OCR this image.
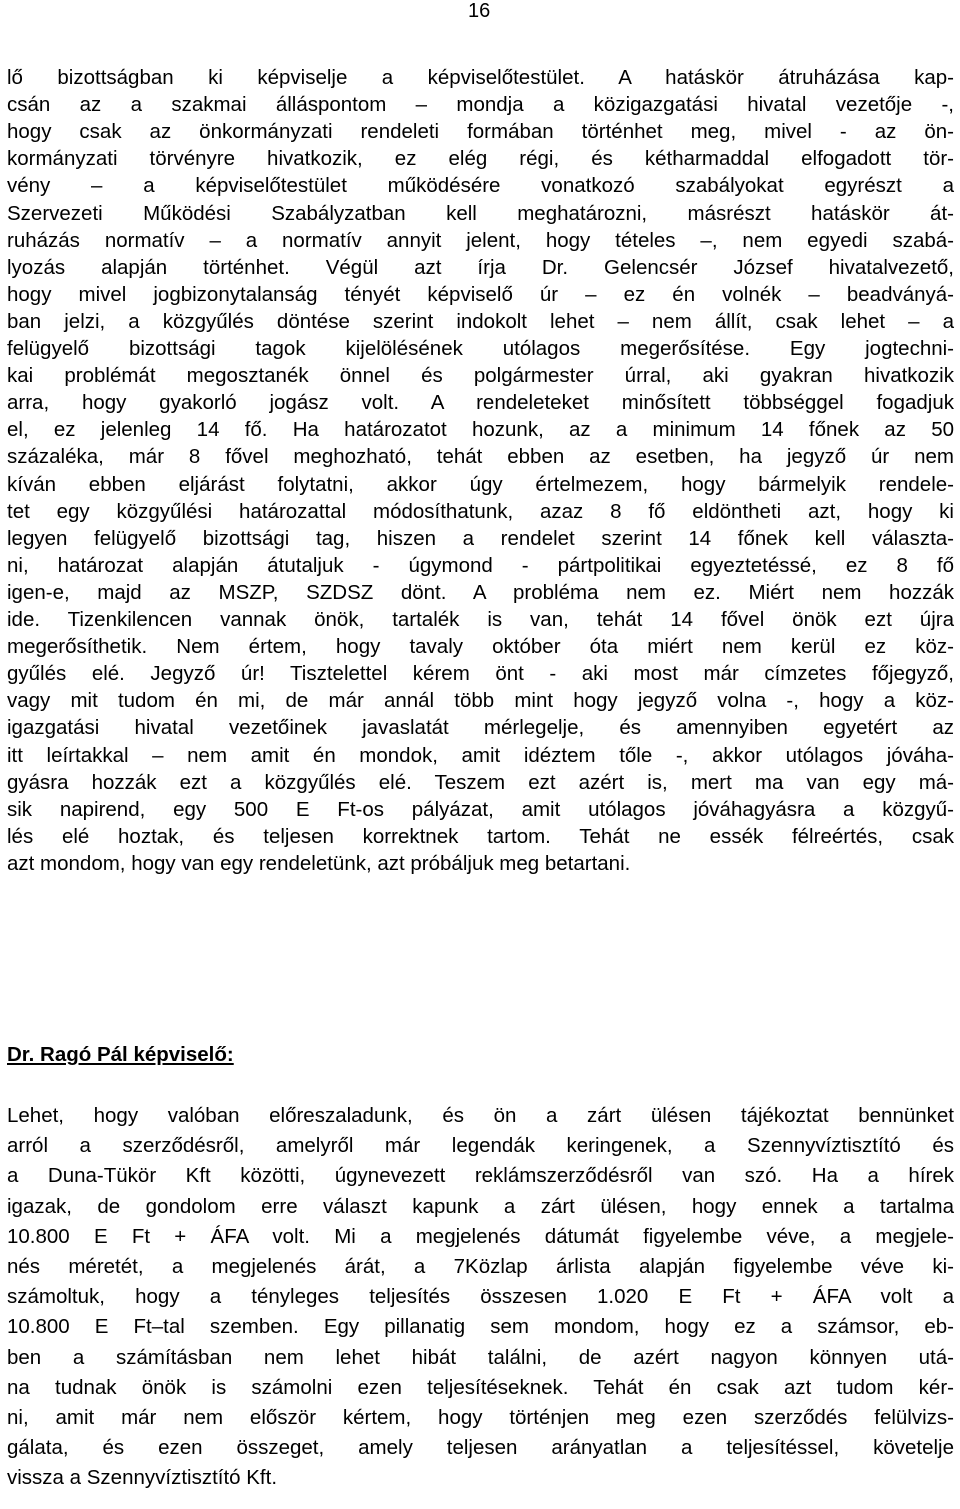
16
lő bizottságban ki képviselje a képviselőtestület. A hatáskör átruházása kap-
csán az a szakmai álláspontom – mondja a közigazgatási hivatal vezetője -,
hogy csak az önkormányzati rendeleti formában történhet meg, mivel - az ön-
kormányzati törvényre hivatkozik, ez elég régi, és kétharmaddal elfogadott tör-
vény – a képviselőtestület működésére vonatkozó szabályokat egyrészt a
Szervezeti Működési Szabályzatban kell meghatározni, másrészt hatáskör át-
ruházás normatív – a normatív annyit jelent, hogy tételes –, nem egyedi szabá-
lyozás alapján történhet. Végül azt írja Dr. Gelencsér József hivatalvezető,
hogy mivel jogbizonytalanság tényét képviselő úr – ez én volnék – beadványá-
ban jelzi, a közgyűlés döntése szerint indokolt lehet – nem állít, csak lehet – a
felügyelő bizottsági tagok kijelölésének utólagos megerősítése. Egy jogtechni-
kai problémát megosztanék önnel és polgármester úrral, aki gyakran hivatkozik
arra, hogy gyakorló jogász volt. A rendeleteket minősített többséggel fogadjuk
el, ez jelenleg 14 fő. Ha határozatot hozunk, az a minimum 14 főnek az 50
százaléka, már 8 fővel meghozható, tehát ebben az esetben, ha jegyző úr nem
kíván ebben eljárást folytatni, akkor úgy értelmezem, hogy bármelyik rendele-
tet egy közgyűlési határozattal módosíthatunk, azaz 8 fő eldöntheti azt, hogy ki
legyen felügyelő bizottsági tag, hiszen a rendelet szerint 14 főnek kell választa-
ni, határozat alapján átutaljuk - úgymond - pártpolitikai egyeztetéssé, ez 8 fő
igen-e, majd az MSZP, SZDSZ dönt. A probléma nem ez. Miért nem hozzák
ide. Tizenkilencen vannak önök, tartalék is van, tehát 14 fővel önök ezt újra
megerősíthetik. Nem értem, hogy tavaly október óta miért nem kerül ez köz-
gyűlés elé. Jegyző úr! Tisztelettel kérem önt - aki most már címzetes főjegyző,
vagy mit tudom én mi, de már annál több mint hogy jegyző volna -, hogy a köz-
igazgatási hivatal vezetőinek javaslatát mérlegelje, és amennyiben egyetért az
itt leírtakkal – nem amit én mondok, amit idéztem tőle -, akkor utólagos jóváha-
gyásra hozzák ezt a közgyűlés elé. Teszem ezt azért is, mert ma van egy má-
sik napirend, egy 500 E Ft-os pályázat, amit utólagos jóváhagyásra a közgyű-
lés elé hoztak, és teljesen korrektnek tartom. Tehát ne essék félreértés, csak
azt mondom, hogy van egy rendeletünk, azt próbáljuk meg betartani.
Dr. Ragó Pál képviselő:
Lehet, hogy valóban előreszaladunk, és ön a zárt ülésen tájékoztat bennünket
arról a szerződésről, amelyről már legendák keringenek, a Szennyvíztisztító és
a Duna-Tükör Kft közötti, úgynevezett reklámszerződésről van szó. Ha a hírek
igazak, de gondolom erre választ kapunk a zárt ülésen, hogy ennek a tartalma
10.800 E Ft + ÁFA volt. Mi a megjelenés dátumát figyelembe véve, a megjele-
nés méretét, a megjelenés árát, a 7Közlap árlista alapján figyelembe véve ki-
számoltuk, hogy a tényleges teljesítés összesen 1.020 E Ft + ÁFA volt a
10.800 E Ft–tal szemben. Egy pillanatig sem mondom, hogy ez a számsor, eb-
ben a számításban nem lehet hibát találni, de azért nagyon könnyen utá-
na tudnak önök is számolni ezen teljesítéseknek. Tehát én csak azt tudom kér-
ni, amit már nem először kértem, hogy történjen meg ezen szerződés felülvizs-
gálata, és ezen összeget, amely teljesen arányatlan a teljesítéssel, követelje
vissza a Szennyvíztisztító Kft.
